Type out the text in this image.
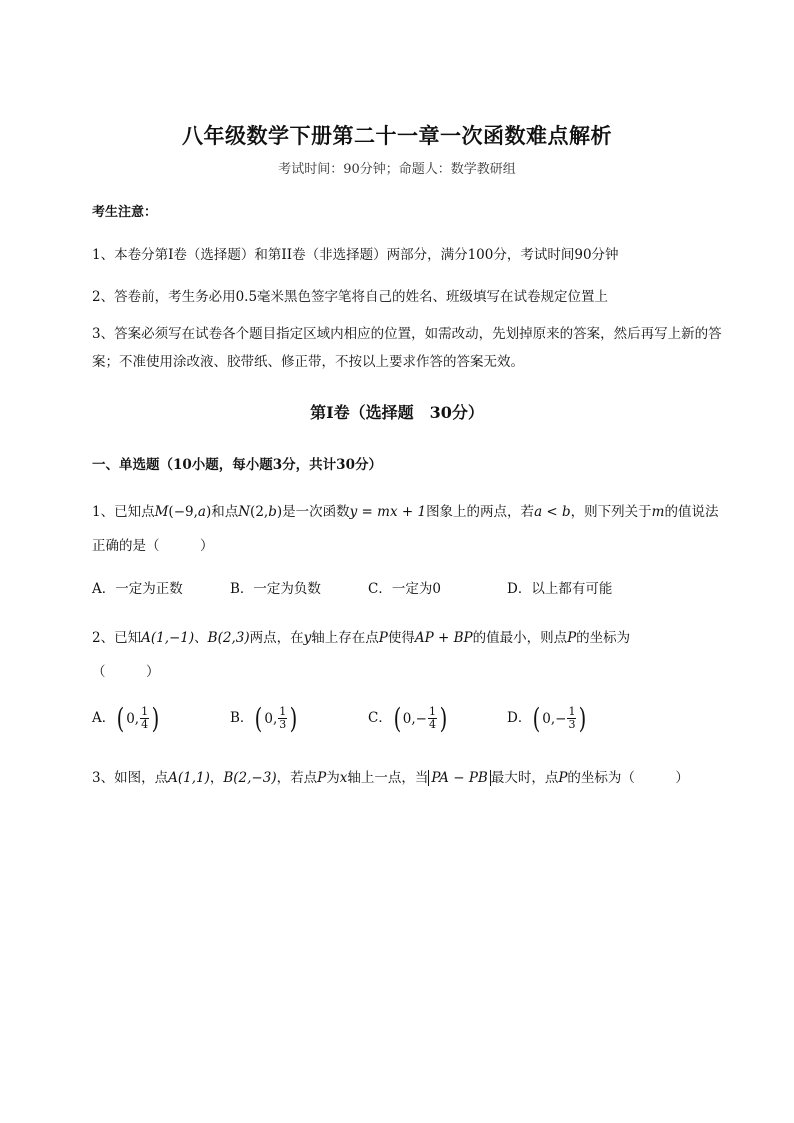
八年级数学下册第二十一章一次函数难点解析
考试时间：90分钟；命题人：数学教研组
考生注意：
1、本卷分第I卷（选择题）和第II卷（非选择题）两部分，满分100分，考试时间90分钟
2、答卷前，考生务必用0.5毫米黑色签字笔将自己的姓名、班级填写在试卷规定位置上
3、答案必须写在试卷各个题目指定区域内相应的位置，如需改动，先划掉原来的答案，然后再写上新的答案；不准使用涂改液、胶带纸、修正带，不按以上要求作答的答案无效。
第I卷（选择题　30分）
一、单选题（10小题，每小题3分，共计30分）
1、已知点M(−9,a)和点N(2,b)是一次函数y = mx + 1图象上的两点，若a < b，则下列关于m的值说法
正确的是（　　　）
A．一定为正数	B．一定为负数	C．一定为0	D．以上都有可能
2、已知A(1,−1)、B(2,3)两点，在y轴上存在点P使得AP + BP的值最小，则点P的坐标为
（　　　）
A． ( 0, $\frac{1}{4}$ )	B． ( 0, $\frac{1}{3}$ )	C． ( $0,- \frac{1}{4}$ )	D． ( $0,- \frac{1}{3}$ )
3、如图，点A(1,1)，B(2,−3)，若点P为x轴上一点，当 PA − PB 最大时，点P的坐标为（　　　）
